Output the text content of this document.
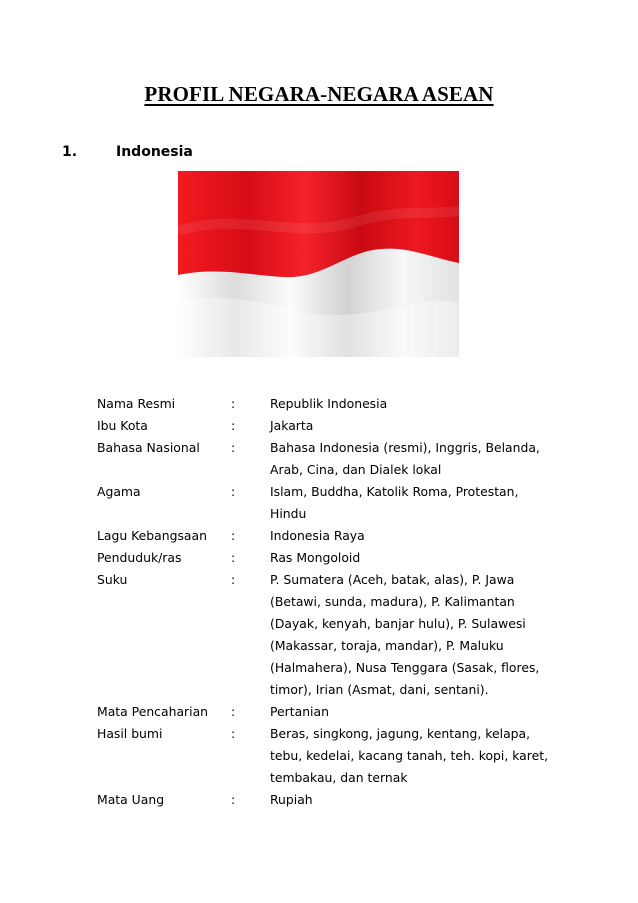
PROFIL NEGARA-NEGARA ASEAN
1.	Indonesia
Nama Resmi	:	Republik Indonesia
Ibu Kota	:	Jakarta
Bahasa Nasional	:	Bahasa Indonesia (resmi), Inggris, Belanda,
Arab, Cina, dan Dialek lokal
Agama	:	Islam, Buddha, Katolik Roma, Protestan,
Hindu
Lagu Kebangsaan	:	Indonesia Raya
Penduduk/ras	:	Ras Mongoloid
Suku	:	P. Sumatera (Aceh, batak, alas), P. Jawa
(Betawi, sunda, madura), P. Kalimantan
(Dayak, kenyah, banjar hulu), P. Sulawesi
(Makassar, toraja, mandar), P. Maluku
(Halmahera), Nusa Tenggara (Sasak, flores,
timor), Irian (Asmat, dani, sentani).
Mata Pencaharian	:	Pertanian
Hasil bumi	:	Beras, singkong, jagung, kentang, kelapa,
tebu, kedelai, kacang tanah, teh. kopi, karet,
tembakau, dan ternak
Mata Uang	:	Rupiah
